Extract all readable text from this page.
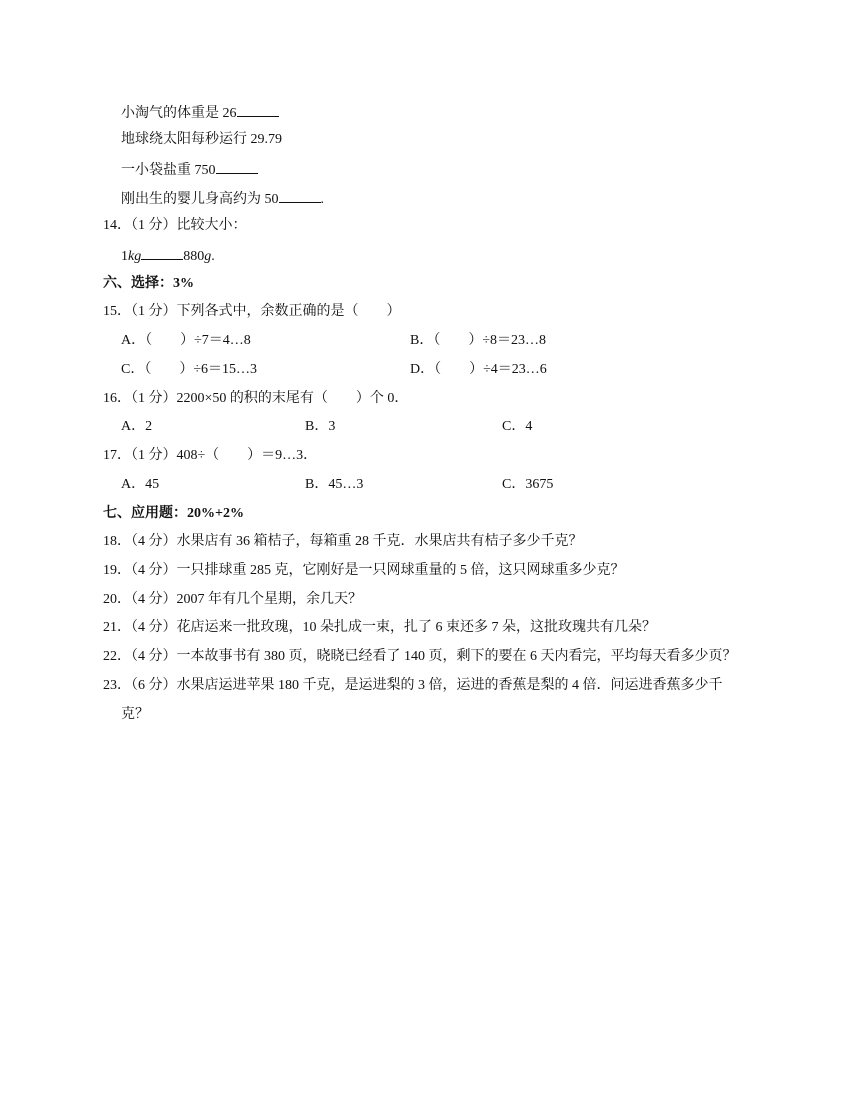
小淘气的体重是 26
地球绕太阳每秒运行 29.79
一小袋盐重 750
刚出生的婴儿身高约为 50	.
14．（1 分）比较大小：
1kg	880g.
六、选择：3%
15．（1 分）下列各式中，余数正确的是（　　）
A．（　　）÷7＝4…8	B．（　　）÷8＝23…8
C．（　　）÷6＝15…3	D．（　　）÷4＝23…6
16．（1 分）2200×50 的积的末尾有（　　）个 0．
A．2	B．3	C．4
17．（1 分）408÷（　　）＝9…3．
A．45	B．45…3	C．3675
七、应用题：20%+2%
18．（4 分）水果店有 36 箱桔子，每箱重 28 千克．水果店共有桔子多少千克？
19．（4 分）一只排球重 285 克，它刚好是一只网球重量的 5 倍，这只网球重多少克？
20．（4 分）2007 年有几个星期，余几天？
21．（4 分）花店运来一批玫瑰，10 朵扎成一束，扎了 6 束还多 7 朵，这批玫瑰共有几朵？
22．（4 分）一本故事书有 380 页，晓晓已经看了 140 页，剩下的要在 6 天内看完，平均每天看多少页？
23．（6 分）水果店运进苹果 180 千克，是运进梨的 3 倍，运进的香蕉是梨的 4 倍．问运进香蕉多少千
克？
